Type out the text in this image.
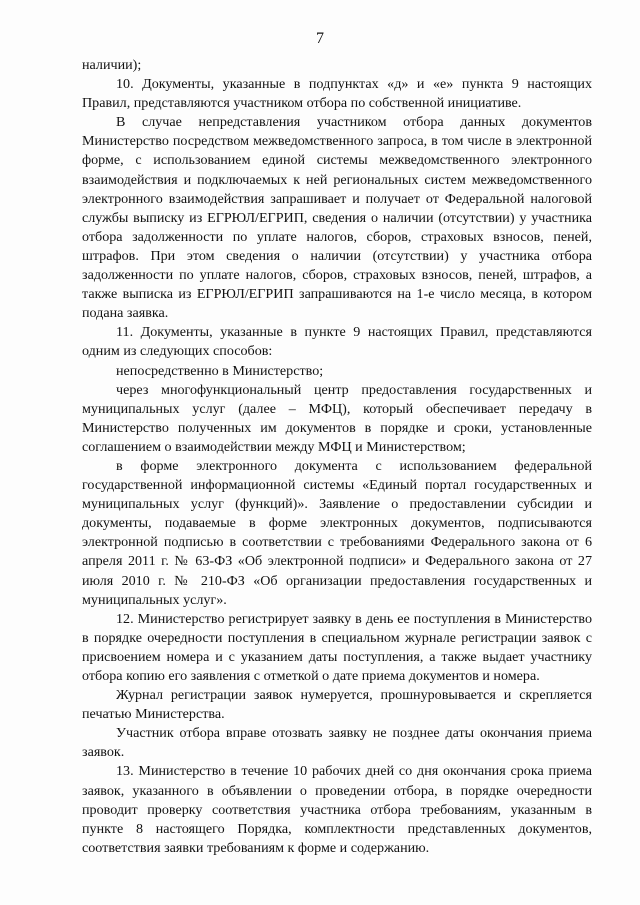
7

наличии);

10. Документы, указанные в подпунктах «д» и «е» пункта 9 настоящих Правил, представляются участником отбора по собственной инициативе.

В случае непредставления участником отбора данных документов Министерство посредством межведомственного запроса, в том числе в электронной форме, с использованием единой системы межведомственного электронного взаимодействия и подключаемых к ней региональных систем межведомственного электронного взаимодействия запрашивает и получает от Федеральной налоговой службы выписку из ЕГРЮЛ/ЕГРИП, сведения о наличии (отсутствии) у участника отбора задолженности по уплате налогов, сборов, страховых взносов, пеней, штрафов. При этом сведения о наличии (отсутствии) у участника отбора задолженности по уплате налогов, сборов, страховых взносов, пеней, штрафов, а также выписка из ЕГРЮЛ/ЕГРИП запрашиваются на 1-е число месяца, в котором подана заявка.

11. Документы, указанные в пункте 9 настоящих Правил, представляются одним из следующих способов:

непосредственно в Министерство;

через многофункциональный центр предоставления государственных и муниципальных услуг (далее – МФЦ), который обеспечивает передачу в Министерство полученных им документов в порядке и сроки, установленные соглашением о взаимодействии между МФЦ и Министерством;

в форме электронного документа с использованием федеральной государственной информационной системы «Единый портал государственных и муниципальных услуг (функций)». Заявление о предоставлении субсидии и документы, подаваемые в форме электронных документов, подписываются электронной подписью в соответствии с требованиями Федерального закона от 6 апреля 2011 г. № 63-ФЗ «Об электронной подписи» и Федерального закона от 27 июля 2010 г. № 210-ФЗ «Об организации предоставления государственных и муниципальных услуг».

12. Министерство регистрирует заявку в день ее поступления в Министерство в порядке очередности поступления в специальном журнале регистрации заявок с присвоением номера и с указанием даты поступления, а также выдает участнику отбора копию его заявления с отметкой о дате приема документов и номера.

Журнал регистрации заявок нумеруется, прошнуровывается и скрепляется печатью Министерства.

Участник отбора вправе отозвать заявку не позднее даты окончания приема заявок.

13. Министерство в течение 10 рабочих дней со дня окончания срока приема заявок, указанного в объявлении о проведении отбора, в порядке очередности проводит проверку соответствия участника отбора требованиям, указанным в пункте 8 настоящего Порядка, комплектности представленных документов, соответствия заявки требованиям к форме и содержанию.
